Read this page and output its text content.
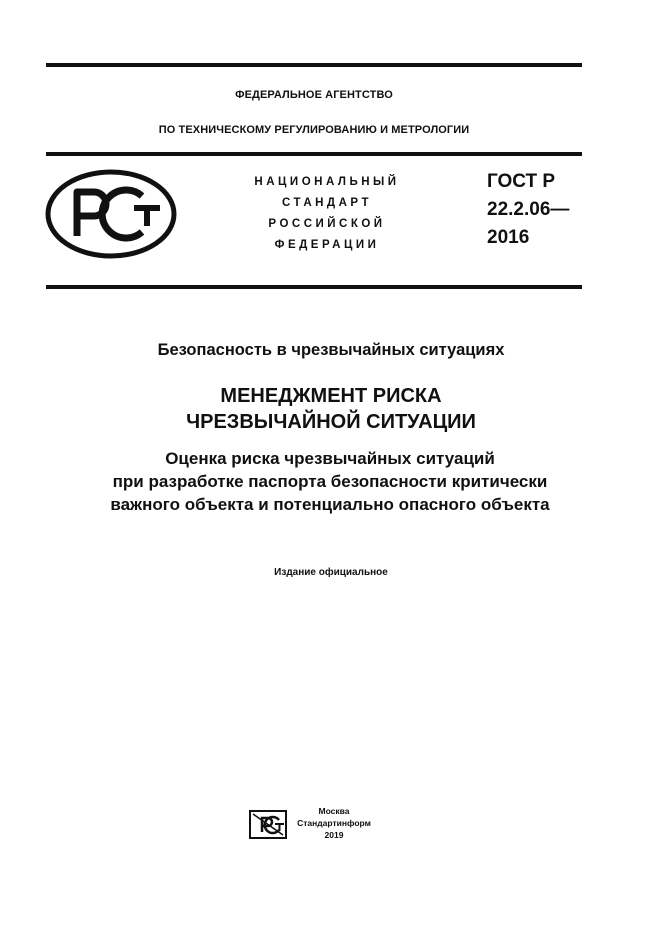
ФЕДЕРАЛЬНОЕ АГЕНТСТВО
ПО ТЕХНИЧЕСКОМУ РЕГУЛИРОВАНИЮ И МЕТРОЛОГИИ
НАЦИОНАЛЬНЫЙ
СТАНДАРТ
РОССИЙСКОЙ
ФЕДЕРАЦИИ
ГОСТ Р
22.2.06—
2016
Безопасность в чрезвычайных ситуациях
МЕНЕДЖМЕНТ РИСКА
ЧРЕЗВЫЧАЙНОЙ СИТУАЦИИ
Оценка риска чрезвычайных ситуаций
при разработке паспорта безопасности критически
важного объекта и потенциально опасного объекта
Издание официальное
Москва
Стандартинформ
2019
